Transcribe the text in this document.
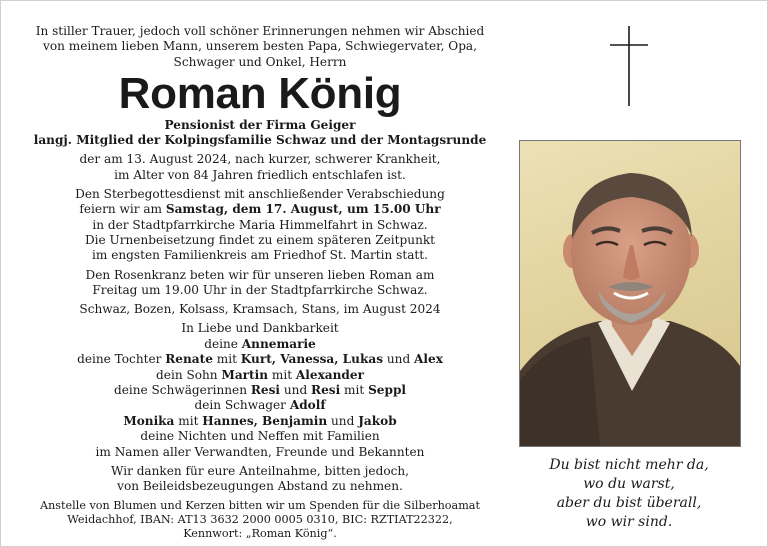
In stiller Trauer, jedoch voll schöner Erinnerungen nehmen wir Abschied

von meinem lieben Mann, unserem besten Papa, Schwiegervater, Opa,

Schwager und Onkel, Herrn

Roman König

Pensionist der Firma Geiger

langj. Mitglied der Kolpingsfamilie Schwaz und der Montagsrunde

der am 13. August 2024, nach kurzer, schwerer Krankheit,

im Alter von 84 Jahren friedlich entschlafen ist.

Den Sterbegottesdienst mit anschließender Verabschiedung

feiern wir am Samstag, dem 17. August, um 15.00 Uhr

in der Stadtpfarrkirche Maria Himmelfahrt in Schwaz.

Die Urnenbeisetzung findet zu einem späteren Zeitpunkt

im engsten Familienkreis am Friedhof St. Martin statt.

Den Rosenkranz beten wir für unseren lieben Roman am

Freitag um 19.00 Uhr in der Stadtpfarrkirche Schwaz.

Schwaz, Bozen, Kolsass, Kramsach, Stans, im August 2024

In Liebe und Dankbarkeit

deine Annemarie

deine Tochter Renate mit Kurt, Vanessa, Lukas und Alex

dein Sohn Martin mit Alexander

deine Schwägerinnen Resi und Resi mit Seppl

dein Schwager Adolf

Monika mit Hannes, Benjamin und Jakob

deine Nichten und Neffen mit Familien

im Namen aller Verwandten, Freunde und Bekannten

Wir danken für eure Anteilnahme, bitten jedoch,

von Beileidsbezeugungen Abstand zu nehmen.

Anstelle von Blumen und Kerzen bitten wir um Spenden für die Silberhoamat

Weidachhof, IBAN: AT13 3632 2000 0005 0310, BIC: RZTIAT22322,

Kennwort: „Roman König“.

Du bist nicht mehr da,

wo du warst,

aber du bist überall,

wo wir sind.
